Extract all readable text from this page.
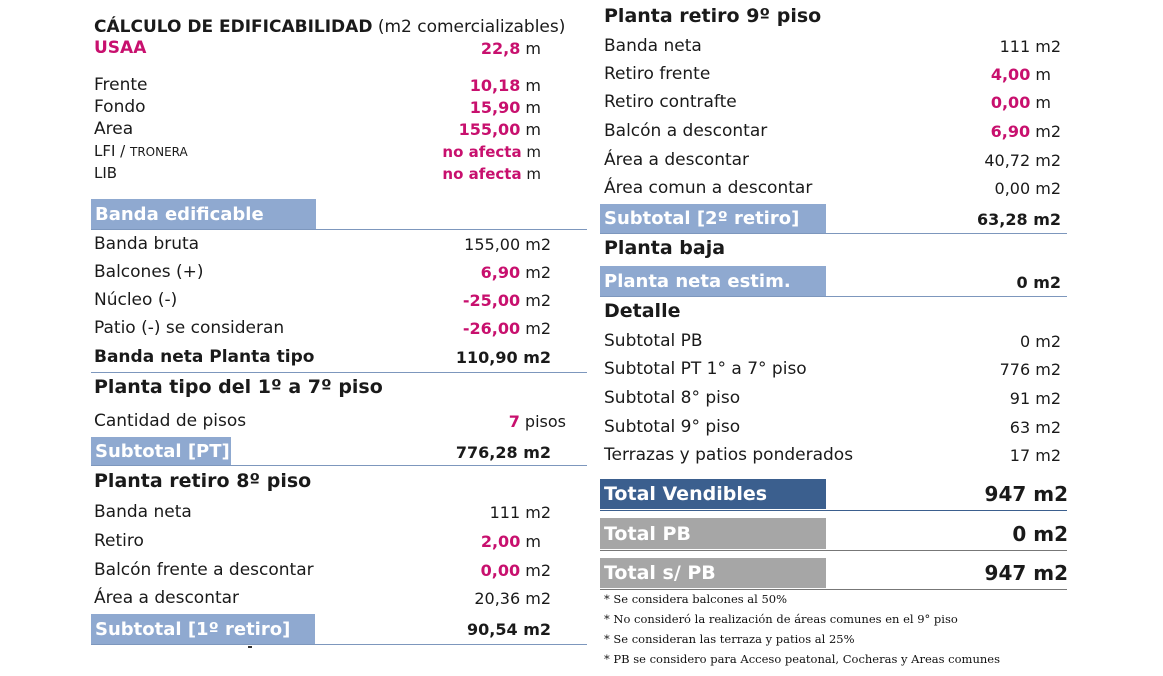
CÁLCULO DE EDIFICABILIDAD (m2 comercializables)
USAA	22,8 m
Frente	10,18 m
Fondo	15,90 m
Area	155,00 m
LFI / TRONERA	no afecta m
LIB	no afecta m
Banda edificable
Banda bruta	155,00 m2
Balcones (+)	6,90 m2
Núcleo (-)	-25,00 m2
Patio (-) se consideran	-26,00 m2
Banda neta Planta tipo	110,90 m2
Planta tipo del 1º a 7º piso
Cantidad de pisos	7 pisos
Subtotal [PT]	776,28 m2
Planta retiro 8º piso
Banda neta	111 m2
Retiro	2,00 m
Balcón frente a descontar	0,00 m2
Área a descontar	20,36 m2
Subtotal [1º retiro]	90,54 m2
Planta retiro 9º piso
Banda neta	111 m2
Retiro frente	4,00 m
Retiro contrafte	0,00 m
Balcón a descontar	6,90 m2
Área a descontar	40,72 m2
Área comun a descontar	0,00 m2
Subtotal [2º retiro]	63,28 m2
Planta baja
Planta neta estim.	0 m2
Detalle
Subtotal PB	0 m2
Subtotal PT 1° a 7° piso	776 m2
Subtotal 8° piso	91 m2
Subtotal 9° piso	63 m2
Terrazas y patios ponderados	17 m2
Total Vendibles	947 m2
Total PB	0 m2
Total s/ PB	947 m2
* Se considera balcones al 50%
* No consideró la realización de áreas comunes en el 9° piso
* Se consideran las terraza y patios al 25%
* PB se considero para Acceso peatonal, Cocheras y Areas comunes
